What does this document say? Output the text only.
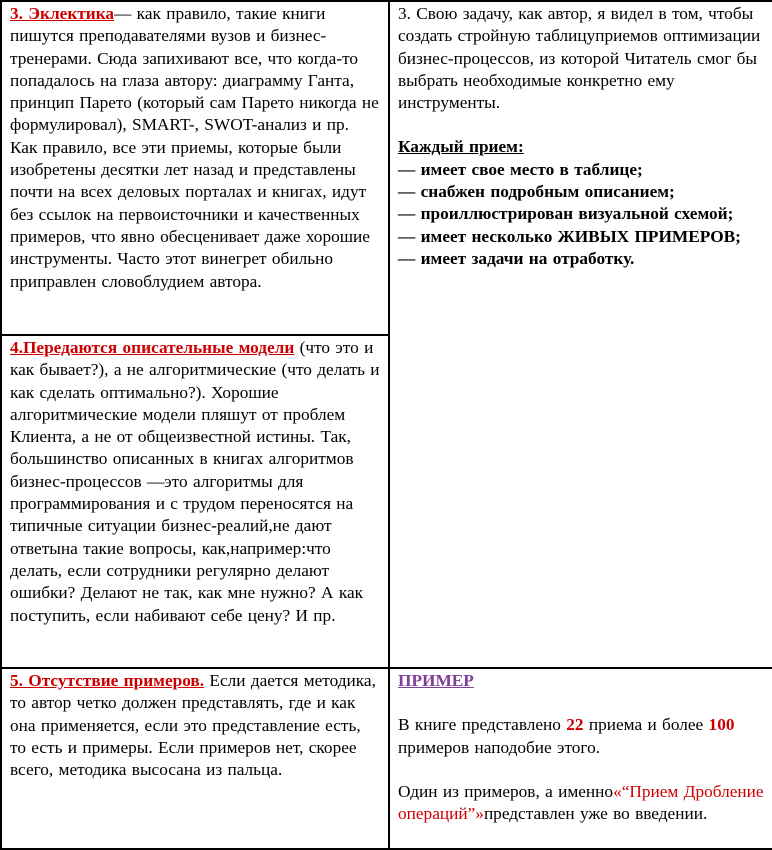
3. Эклектика— как правило, такие книги пишутся преподавателями вузов и бизнес-тренерами. Сюда запихивают все, что когда-то попадалось на глаза автору: диаграмму Ганта, принцип Парето (который сам Парето никогда не формулировал), SMART-, SWOT-анализ и пр. Как правило, все эти приемы, которые были изобретены десятки лет назад и представлены почти на всех деловых порталах и книгах, идут без ссылок на первоисточники и качественных примеров, что явно обесценивает даже хорошие инструменты. Часто этот винегрет обильно приправлен словоблудием автора.

3. Свою задачу, как автор, я видел в том, чтобы создать стройную таблицуприемов оптимизации бизнес-процессов, из которой Читатель смог бы выбрать необходимые конкретно ему инструменты.

Каждый прием:

— имеет свое место в таблице;
— снабжен подробным описанием;
— проиллюстрирован визуальной схемой;
— имеет несколько ЖИВЫХ ПРИМЕРОВ;
— имеет задачи на отработку.

4.Передаются описательные модели (что это и как бывает?), а не алгоритмические (что делать и как сделать оптимально?). Хорошие алгоритмические модели пляшут от проблем Клиента, а не от общеизвестной истины. Так, большинство описанных в книгах алгоритмов бизнес-процессов —это алгоритмы для программирования и с трудом переносятся на типичные ситуации бизнес-реалий,не дают ответына такие вопросы, как,например:что делать, если сотрудники регулярно делают ошибки? Делают не так, как мне нужно? А как поступить, если набивают себе цену? И пр.	

5. Отсутствие примеров. Если дается методика, то автор четко должен представлять, где и как она применяется, если это представление есть, то есть и примеры. Если примеров нет, скорее всего, методика высосана из пальца.

ПРИМЕР

В книге представлено 22 приема и более 100 примеров наподобие этого.

Один из примеров, а именно«“Прием Дробление операций”»представлен уже во введении.
